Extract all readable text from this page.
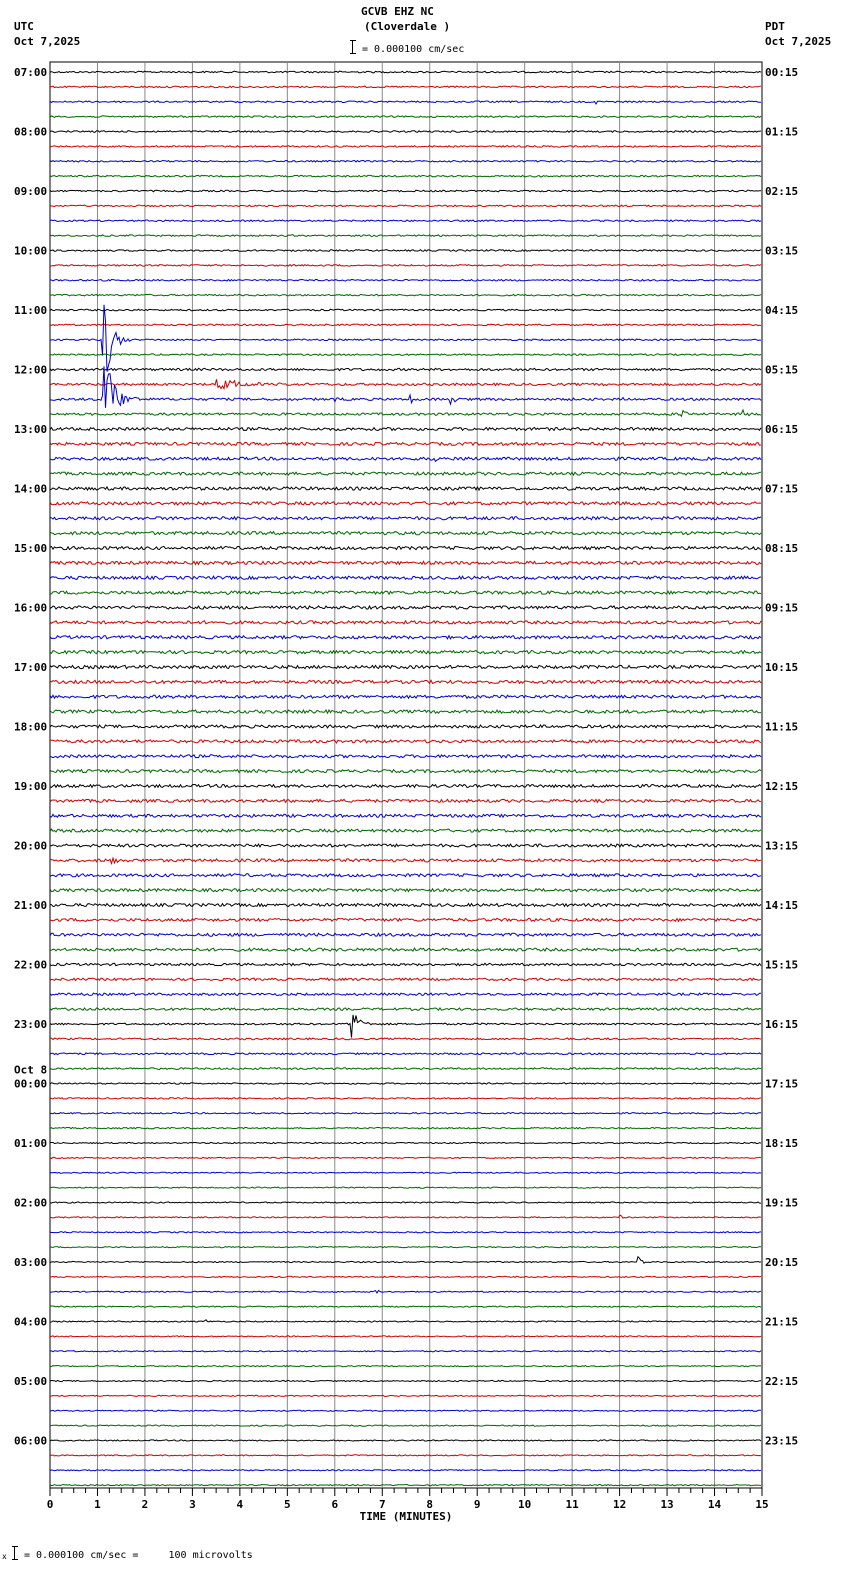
GCVB EHZ NC
(Cloverdale )
UTC
Oct 7,2025
PDT
Oct 7,2025
= 0.000100 cm/sec
07:00
08:00
09:00
10:00
11:00
12:00
13:00
14:00
15:00
16:00
17:00
18:00
19:00
20:00
21:00
22:00
23:00
00:00
01:00
02:00
03:00
04:00
05:00
06:00
00:15
01:15
02:15
03:15
04:15
05:15
06:15
07:15
08:15
09:15
10:15
11:15
12:15
13:15
14:15
15:15
16:15
17:15
18:15
19:15
20:15
21:15
22:15
23:15
Oct 8
0	1	2	3	4	5	6	7	8	9	10	11	12	13	14	15
TIME (MINUTES)
x = 0.000100 cm/sec =     100 microvolts
